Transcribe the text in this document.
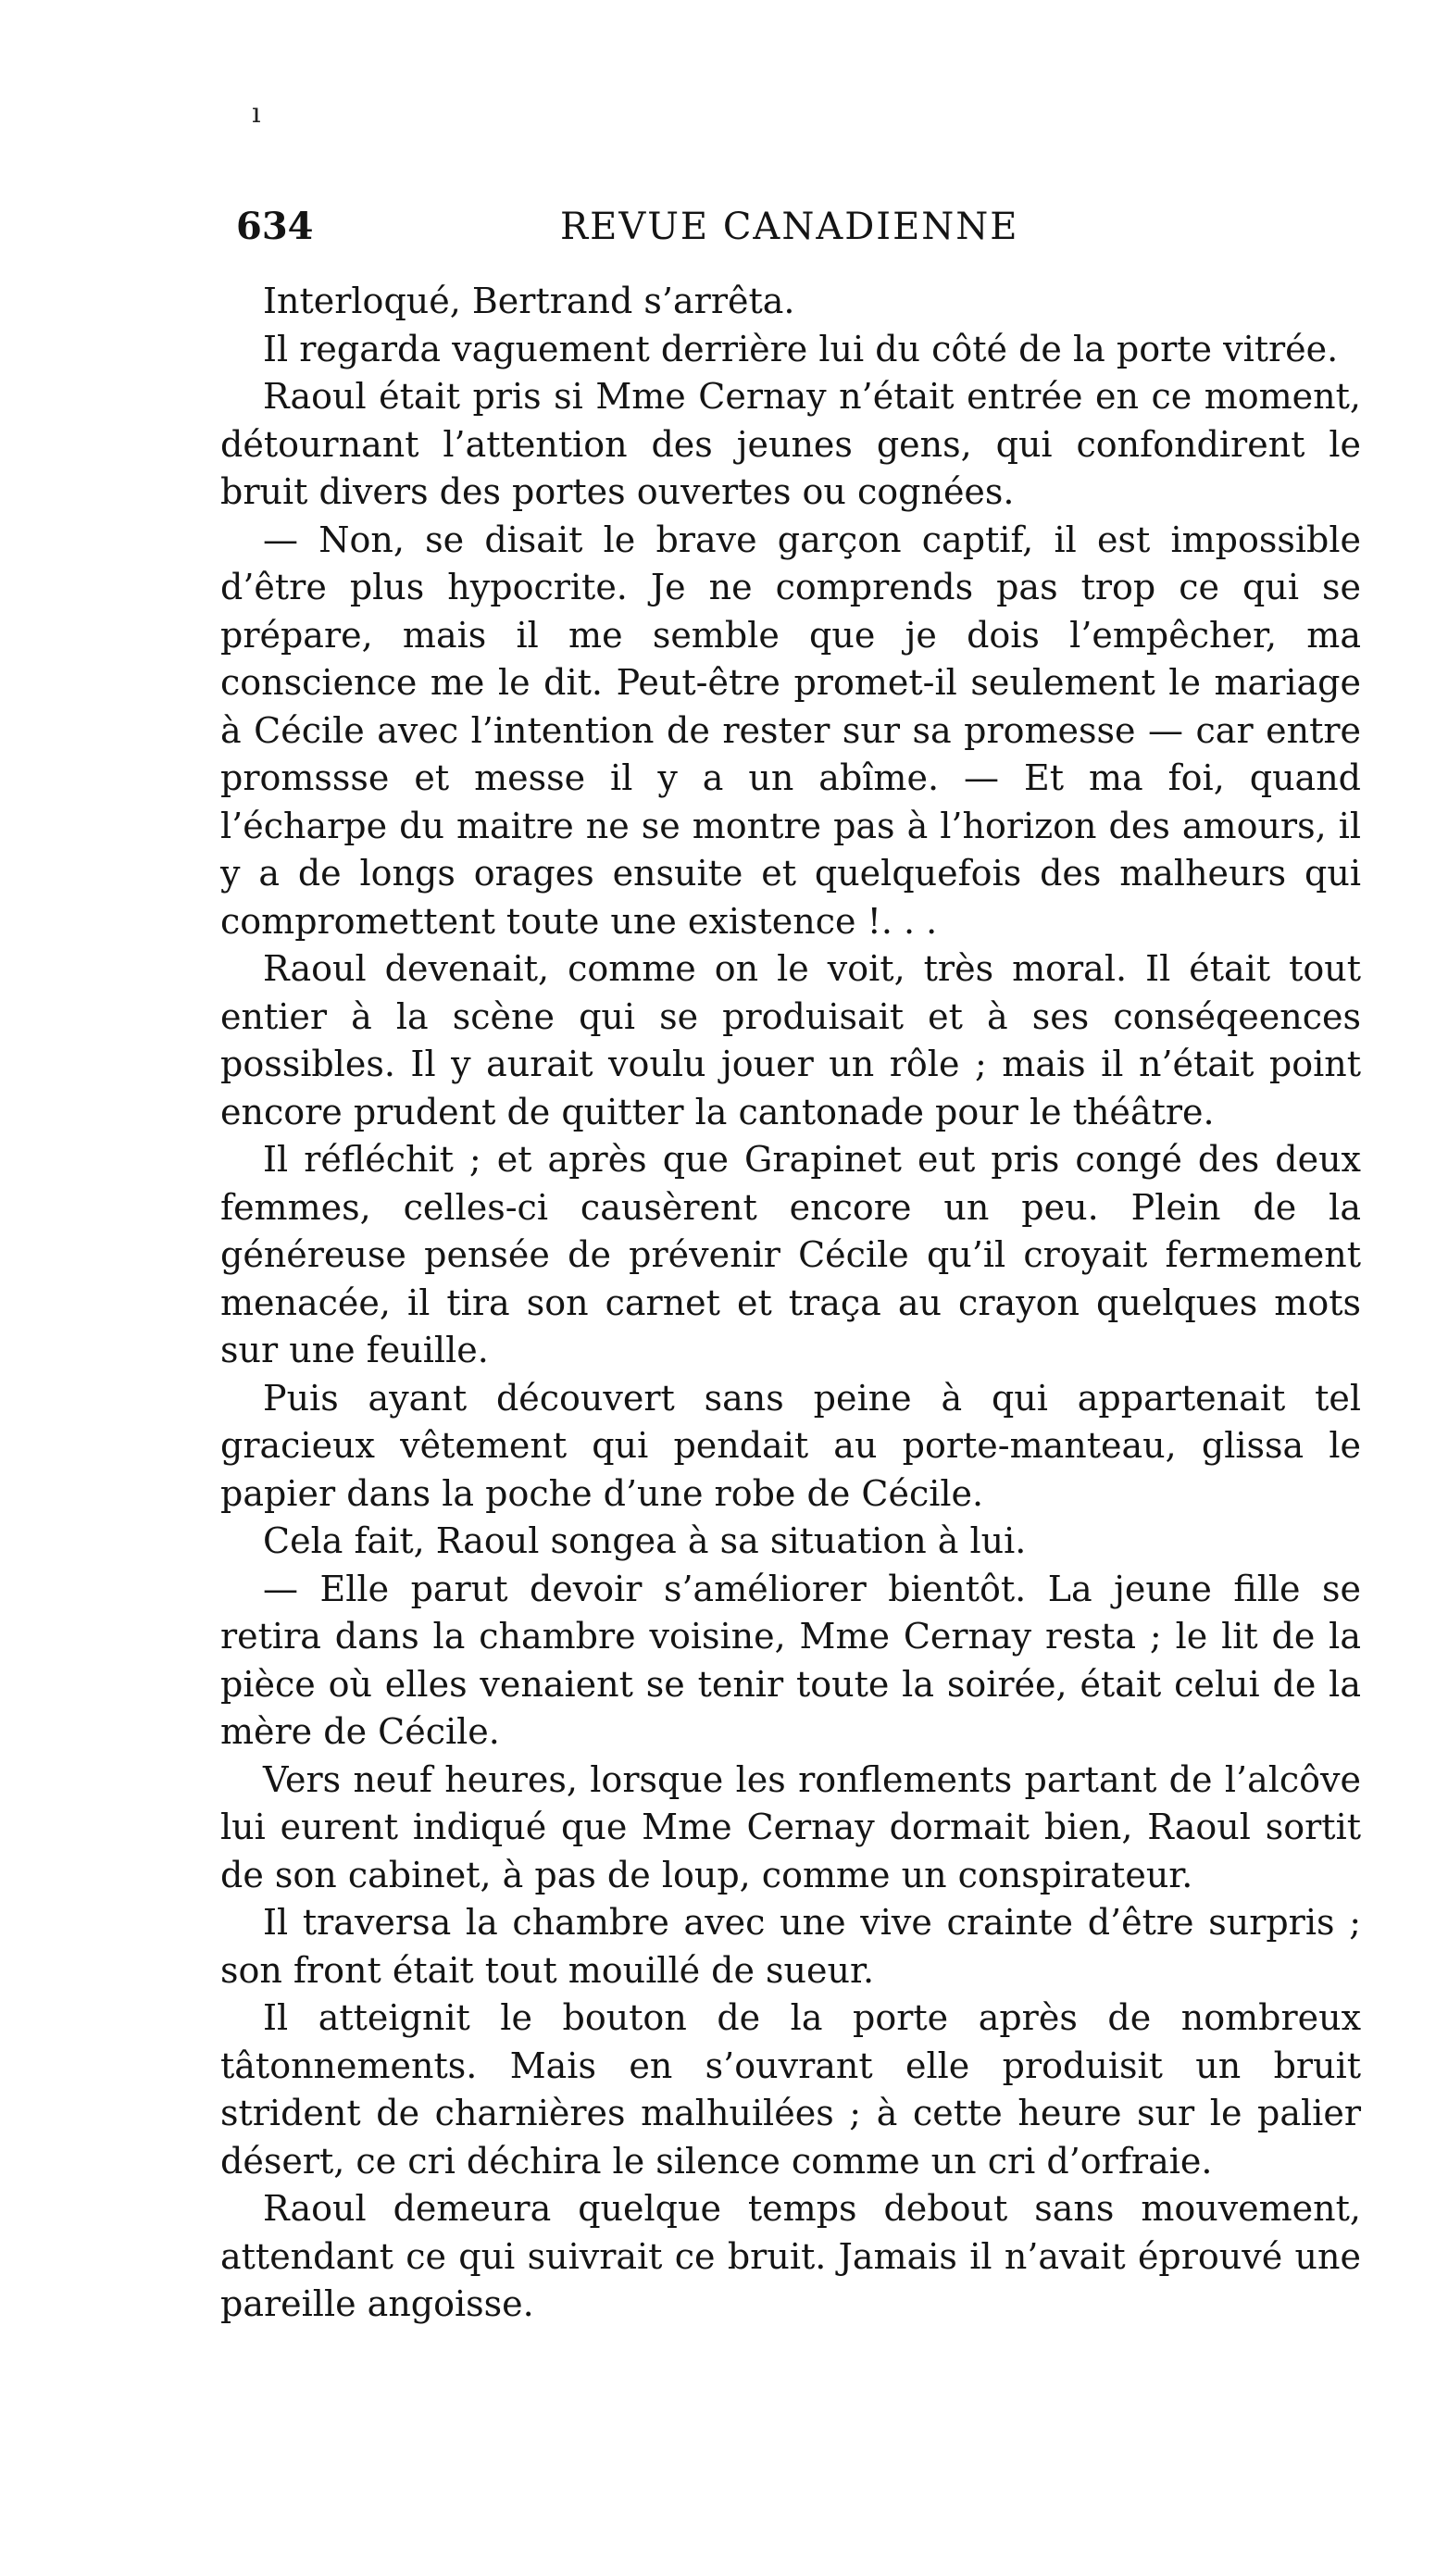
ı
634	REVUE CANADIENNE

Interloqué, Bertrand s’arrêta.

Il regarda vaguement derrière lui du côté de la porte vitrée.

Raoul était pris si Mme Cernay n’était entrée en ce moment, détournant l’attention des jeunes gens, qui confondirent le bruit divers des portes ouvertes ou cognées.

— Non, se disait le brave garçon captif, il est impossible d’être plus hypocrite. Je ne comprends pas trop ce qui se prépare, mais il me semble que je dois l’empêcher, ma conscience me le dit. Peut-être promet-il seulement le mariage à Cécile avec l’intention de rester sur sa promesse — car entre promssse et messe il y a un abîme. — Et ma foi, quand l’écharpe du maitre ne se montre pas à l’horizon des amours, il y a de longs orages ensuite et quelquefois des malheurs qui compromettent toute une existence !. . .

Raoul devenait, comme on le voit, très moral. Il était tout entier à la scène qui se produisait et à ses conséqeences possibles. Il y aurait voulu jouer un rôle ; mais il n’était point encore prudent de quitter la cantonade pour le théâtre.

Il réfléchit ; et après que Grapinet eut pris congé des deux femmes, celles-ci causèrent encore un peu. Plein de la généreuse pensée de prévenir Cécile qu’il croyait fermement menacée, il tira son carnet et traça au crayon quelques mots sur une feuille.

Puis ayant découvert sans peine à qui appartenait tel gracieux vêtement qui pendait au porte-manteau, glissa le papier dans la poche d’une robe de Cécile.

Cela fait, Raoul songea à sa situation à lui.

— Elle parut devoir s’améliorer bientôt. La jeune fille se retira dans la chambre voisine, Mme Cernay resta ; le lit de la pièce où elles venaient se tenir toute la soirée, était celui de la mère de Cécile.

Vers neuf heures, lorsque les ronflements partant de l’alcôve lui eurent indiqué que Mme Cernay dormait bien, Raoul sortit de son cabinet, à pas de loup, comme un conspirateur.

Il traversa la chambre avec une vive crainte d’être surpris ; son front était tout mouillé de sueur.

Il atteignit le bouton de la porte après de nombreux tâtonnements. Mais en s’ouvrant elle produisit un bruit strident de charnières malhuilées ; à cette heure sur le palier désert, ce cri déchira le silence comme un cri d’orfraie.

Raoul demeura quelque temps debout sans mouvement, attendant ce qui suivrait ce bruit. Jamais il n’avait éprouvé une pareille angoisse.
